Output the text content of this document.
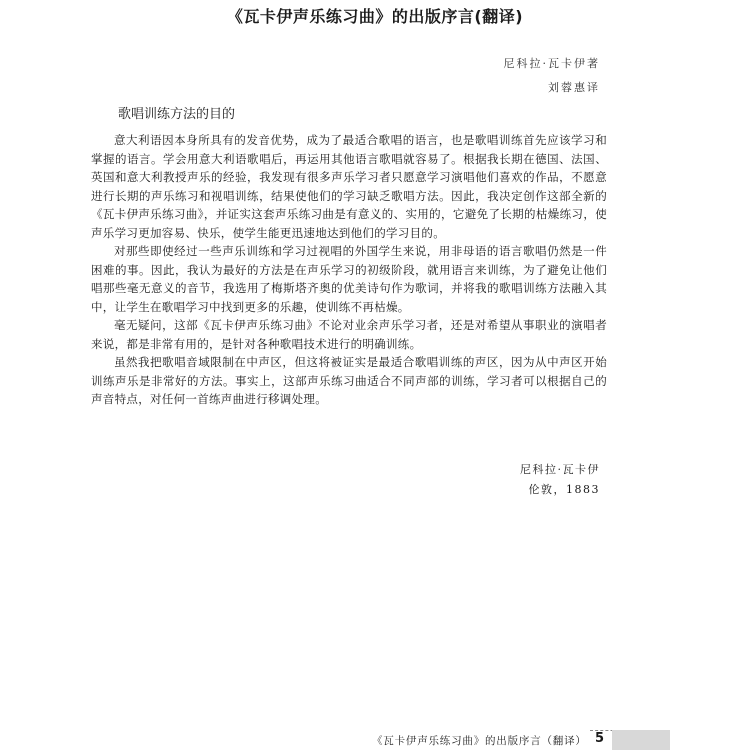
《瓦卡伊声乐练习曲》的出版序言(翻译)
尼科拉·瓦卡伊著
刘蓉惠译
歌唱训练方法的目的

意大利语因本身所具有的发音优势，成为了最适合歌唱的语言，也是歌唱训练首先应该学习和掌握的语言。学会用意大利语歌唱后，再运用其他语言歌唱就容易了。根据我长期在德国、法国、英国和意大利教授声乐的经验，我发现有很多声乐学习者只愿意学习演唱他们喜欢的作品，不愿意进行长期的声乐练习和视唱训练，结果使他们的学习缺乏歌唱方法。因此，我决定创作这部全新的《瓦卡伊声乐练习曲》，并证实这套声乐练习曲是有意义的、实用的，它避免了长期的枯燥练习，使声乐学习更加容易、快乐，使学生能更迅速地达到他们的学习目的。

对那些即使经过一些声乐训练和学习过视唱的外国学生来说，用非母语的语言歌唱仍然是一件困难的事。因此，我认为最好的方法是在声乐学习的初级阶段，就用语言来训练，为了避免让他们唱那些毫无意义的音节，我选用了梅斯塔齐奥的优美诗句作为歌词，并将我的歌唱训练方法融入其中，让学生在歌唱学习中找到更多的乐趣，使训练不再枯燥。

毫无疑问，这部《瓦卡伊声乐练习曲》不论对业余声乐学习者，还是对希望从事职业的演唱者来说，都是非常有用的，是针对各种歌唱技术进行的明确训练。

虽然我把歌唱音域限制在中声区，但这将被证实是最适合歌唱训练的声区，因为从中声区开始训练声乐是非常好的方法。事实上，这部声乐练习曲适合不同声部的训练，学习者可以根据自己的声音特点，对任何一首练声曲进行移调处理。

尼科拉·瓦卡伊
伦敦，1883
《瓦卡伊声乐练习曲》的出版序言（翻译） 5
